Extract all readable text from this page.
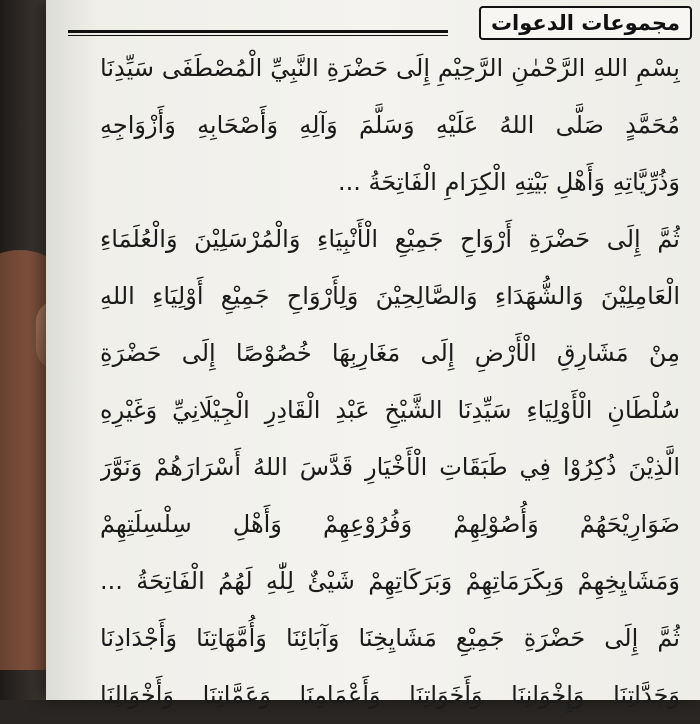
مجموعات الدعوات
بِسْمِ اللهِ الرَّحْمٰنِ الرَّحِيْمِ إِلَى حَضْرَةِ النَّبِيِّ الْمُصْطَفَى سَيِّدِنَا
مُحَمَّدٍ صَلَّى اللهُ عَلَيْهِ وَسَلَّمَ وَآلِهِ وَأَصْحَابِهِ وَأَزْوَاجِهِ
وَذُرِّيَّاتِهِ وَأَهْلِ بَيْتِهِ الْكِرَامِ الْفَاتِحَةُ ...
ثُمَّ إِلَى حَضْرَةِ أَرْوَاحِ جَمِيْعِ الْأَنْبِيَاءِ وَالْمُرْسَلِيْنَ وَالْعُلَمَاءِ
الْعَامِلِيْنَ وَالشُّهَدَاءِ وَالصَّالِحِيْنَ وَلِأَرْوَاحِ جَمِيْعِ أَوْلِيَاءِ اللهِ
مِنْ مَشَارِقِ الْأَرْضِ إِلَى مَغَارِبِهَا خُصُوْصًا إِلَى حَضْرَةِ
سُلْطَانِ الْأَوْلِيَاءِ سَيِّدِنَا الشَّيْخِ عَبْدِ الْقَادِرِ الْجِيْلَانِيِّ وَغَيْرِهِ
الَّذِيْنَ ذُكِرُوْا فِي طَبَقَاتِ الْأَخْيَارِ قَدَّسَ اللهُ أَسْرَارَهُمْ وَنَوَّرَ
ضَوَارِيْحَهُمْ وَأُصُوْلِهِمْ وَفُرُوْعِهِمْ وَأَهْلِ سِلْسِلَتِهِمْ
وَمَشَايِخِهِمْ وَبِكَرَمَاتِهِمْ وَبَرَكَاتِهِمْ شَيْئٌ لِلّٰهِ لَهُمُ الْفَاتِحَةُ ...
ثُمَّ إِلَى حَضْرَةِ جَمِيْعِ مَشَايِخِنَا وَآبَائِنَا وَأُمَّهَاتِنَا وَأَجْدَادِنَا
وَجَدَّاتِنَا وَإِخْوَانِنَا وَأَخَوَاتِنَا وَأَعْمَامِنَا وَعَمَّاتِنَا وَأَخْوَالِنَا
